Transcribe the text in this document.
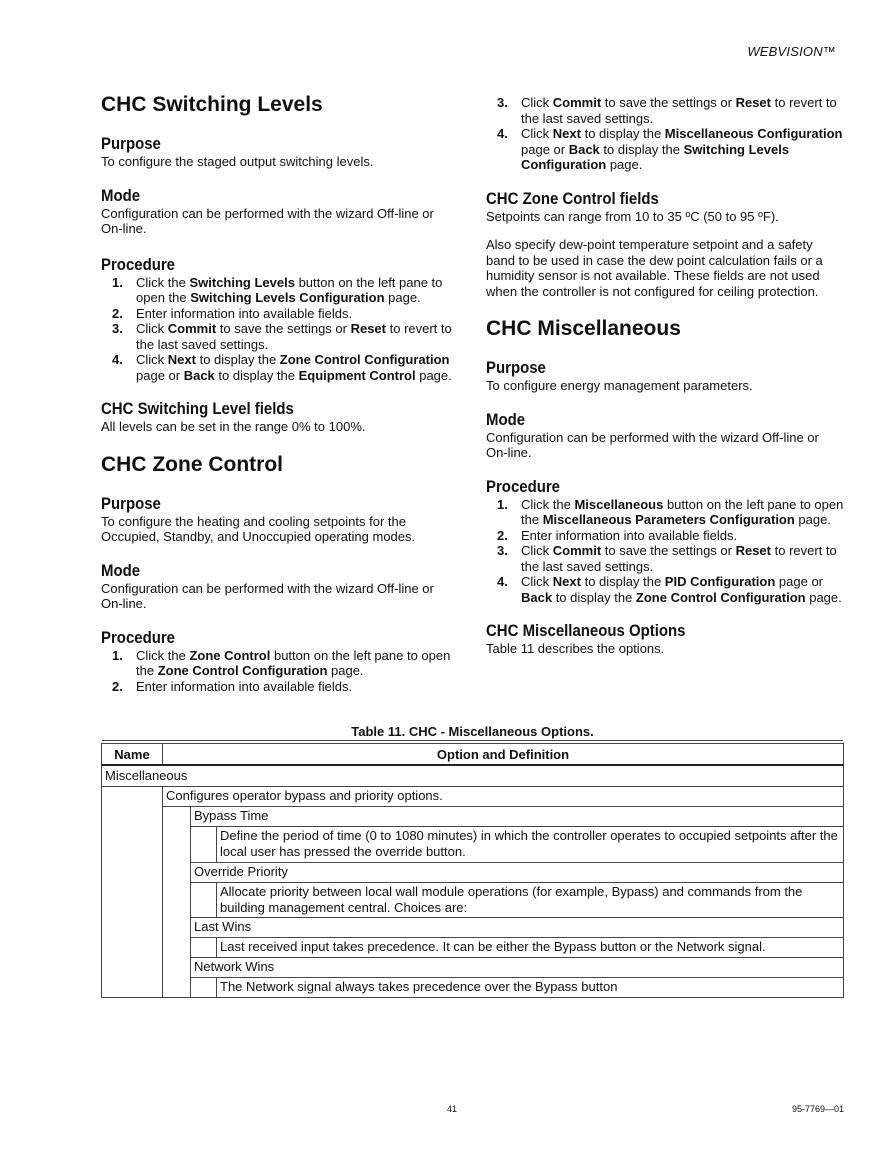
WEBVISION™
CHC Switching Levels
Purpose

To configure the staged output switching levels.

Mode

Configuration can be performed with the wizard Off-line or On-line.

Procedure
1. Click the Switching Levels button on the left pane to open the Switching Levels Configuration page.
2. Enter information into available fields.
3. Click Commit to save the settings or Reset to revert to the last saved settings.
4. Click Next to display the Zone Control Configuration page or Back to display the Equipment Control page.
CHC Switching Level fields

All levels can be set in the range 0% to 100%.

CHC Zone Control
Purpose

To configure the heating and cooling setpoints for the Occupied, Standby, and Unoccupied operating modes.

Mode

Configuration can be performed with the wizard Off-line or On-line.

Procedure
1. Click the Zone Control button on the left pane to open the Zone Control Configuration page.
2. Enter information into available fields.
3. Click Commit to save the settings or Reset to revert to the last saved settings.
4. Click Next to display the Miscellaneous Configuration page or Back to display the Switching Levels Configuration page.
CHC Zone Control fields

Setpoints can range from 10 to 35 ºC (50 to 95 ºF).

Also specify dew-point temperature setpoint and a safety band to be used in case the dew point calculation fails or a humidity sensor is not available. These fields are not used when the controller is not configured for ceiling protection.

CHC Miscellaneous
Purpose

To configure energy management parameters.

Mode

Configuration can be performed with the wizard Off-line or On-line.

Procedure
1. Click the Miscellaneous button on the left pane to open the Miscellaneous Parameters Configuration page.
2. Enter information into available fields.
3. Click Commit to save the settings or Reset to revert to the last saved settings.
4. Click Next to display the PID Configuration page or Back to display the Zone Control Configuration page.
CHC Miscellaneous Options

Table 11 describes the options.

Table 11. CHC - Miscellaneous Options.
Name	Option and Definition
Miscellaneous
Configures operator bypass and priority options.
Bypass Time
Define the period of time (0 to 1080 minutes) in which the controller operates to occupied setpoints after the local user has pressed the override button.
Override Priority
Allocate priority between local wall module operations (for example, Bypass) and commands from the building management central. Choices are:
Last Wins
Last received input takes precedence. It can be either the Bypass button or the Network signal.
Network Wins
The Network signal always takes precedence over the Bypass button
41	95-7769—01
